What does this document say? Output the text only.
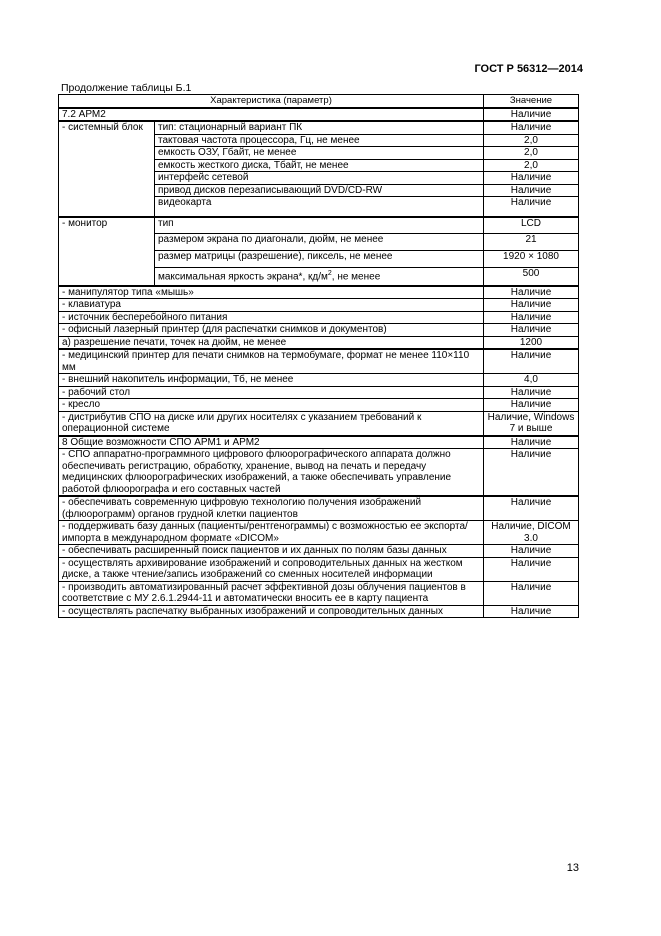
ГОСТ Р 56312—2014
Продолжение таблицы Б.1
Характеристика (параметр)		Значение
7.2 АРМ2		Наличие
- системный блок	тип: стационарный вариант ПК	Наличие
	тактовая частота процессора, Гц, не менее	2,0
	емкость ОЗУ, Гбайт, не менее	2,0
	емкость жесткого диска, Тбайт, не менее	2,0
	интерфейс сетевой	Наличие
	привод дисков перезаписывающий DVD/CD-RW	Наличие
	видеокарта	Наличие
- монитор	тип	LCD
	размером экрана по диагонали, дюйм, не менее	21
	размер матрицы (разрешение), пиксель, не менее	1920 × 1080
	максимальная яркость экрана*, $кд/м^2$, не менее	500
- манипулятор типа «мышь»		Наличие
- клавиатура		Наличие
- источник бесперебойного питания		Наличие
- офисный лазерный принтер (для распечатки снимков и документов)		Наличие
а) разрешение печати, точек на дюйм, не менее		1200
- медицинский принтер для печати снимков на термобумаге, формат не менее 110×110 мм		Наличие
- внешний накопитель информации, Тб, не менее		4,0
- рабочий стол		Наличие
- кресло		Наличие
- дистрибутив СПО на диске или других носителях с указанием требований к операционной системе		Наличие, Windows 7 и выше
8 Общие возможности СПО АРМ1 и АРМ2		Наличие
- СПО аппаратно-программного цифрового флюорографического аппарата должно обеспечивать регистрацию, обработку, хранение, вывод на печать и передачу медицинских флюорографических изображений, а также обеспечивать управление работой флюорографа и его составных частей		Наличие
- обеспечивать современную цифровую технологию получения изображений (флюорограмм) органов грудной клетки пациентов		Наличие
- поддерживать базу данных (пациенты/рентгенограммы) с возможностью ее экспорта/импорта в международном формате «DICOM»		Наличие, DICOM 3.0
- обеспечивать расширенный поиск пациентов и их данных по полям базы данных		Наличие
- осуществлять архивирование изображений и сопроводительных данных на жестком диске, а также чтение/запись изображений со сменных носителей информации		Наличие
- производить автоматизированный расчет эффективной дозы облучения пациентов в соответствие с МУ 2.6.1.2944-11 и автоматически вносить ее в карту пациента		Наличие
- осуществлять распечатку выбранных изображений и сопроводительных данных		Наличие
13
